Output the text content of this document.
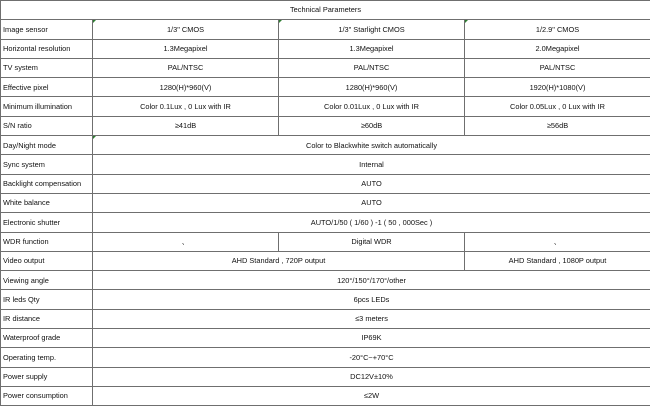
Technical Parameters			
Image sensor	1/3" CMOS	1/3" Starlight CMOS	1/2.9" CMOS
Horizontal resolution	1.3Megapixel	1.3Megapixel	2.0Megapixel
TV system	PAL/NTSC	PAL/NTSC	PAL/NTSC
Effective pixel	1280(H)*960(V)	1280(H)*960(V)	1920(H)*1080(V)
Minimum illumination	Color 0.1Lux , 0 Lux with IR	Color 0.01Lux , 0 Lux with IR	Color 0.05Lux , 0 Lux with IR
S/N ratio	≥41dB	≥60dB	≥56dB
Day/Night mode	Color to Blackwhite switch automatically		
Sync system	Internal		
Backlight compensation	AUTO		
White balance	AUTO		
Electronic shutter	AUTO/1/50 ( 1/60 ) -1 ( 50 , 000Sec )		
WDR function	、	Digital WDR	、
Video output	AHD Standard , 720P output		AHD Standard , 1080P output
Viewing angle	120°/150°/170°/other		
IR leds Qty	6pcs LEDs		
IR distance	≤3 meters		
Waterproof grade	IP69K		
Operating temp.	-20°C~+70°C		
Power supply	DC12V±10%		
Power consumption	≤2W		
